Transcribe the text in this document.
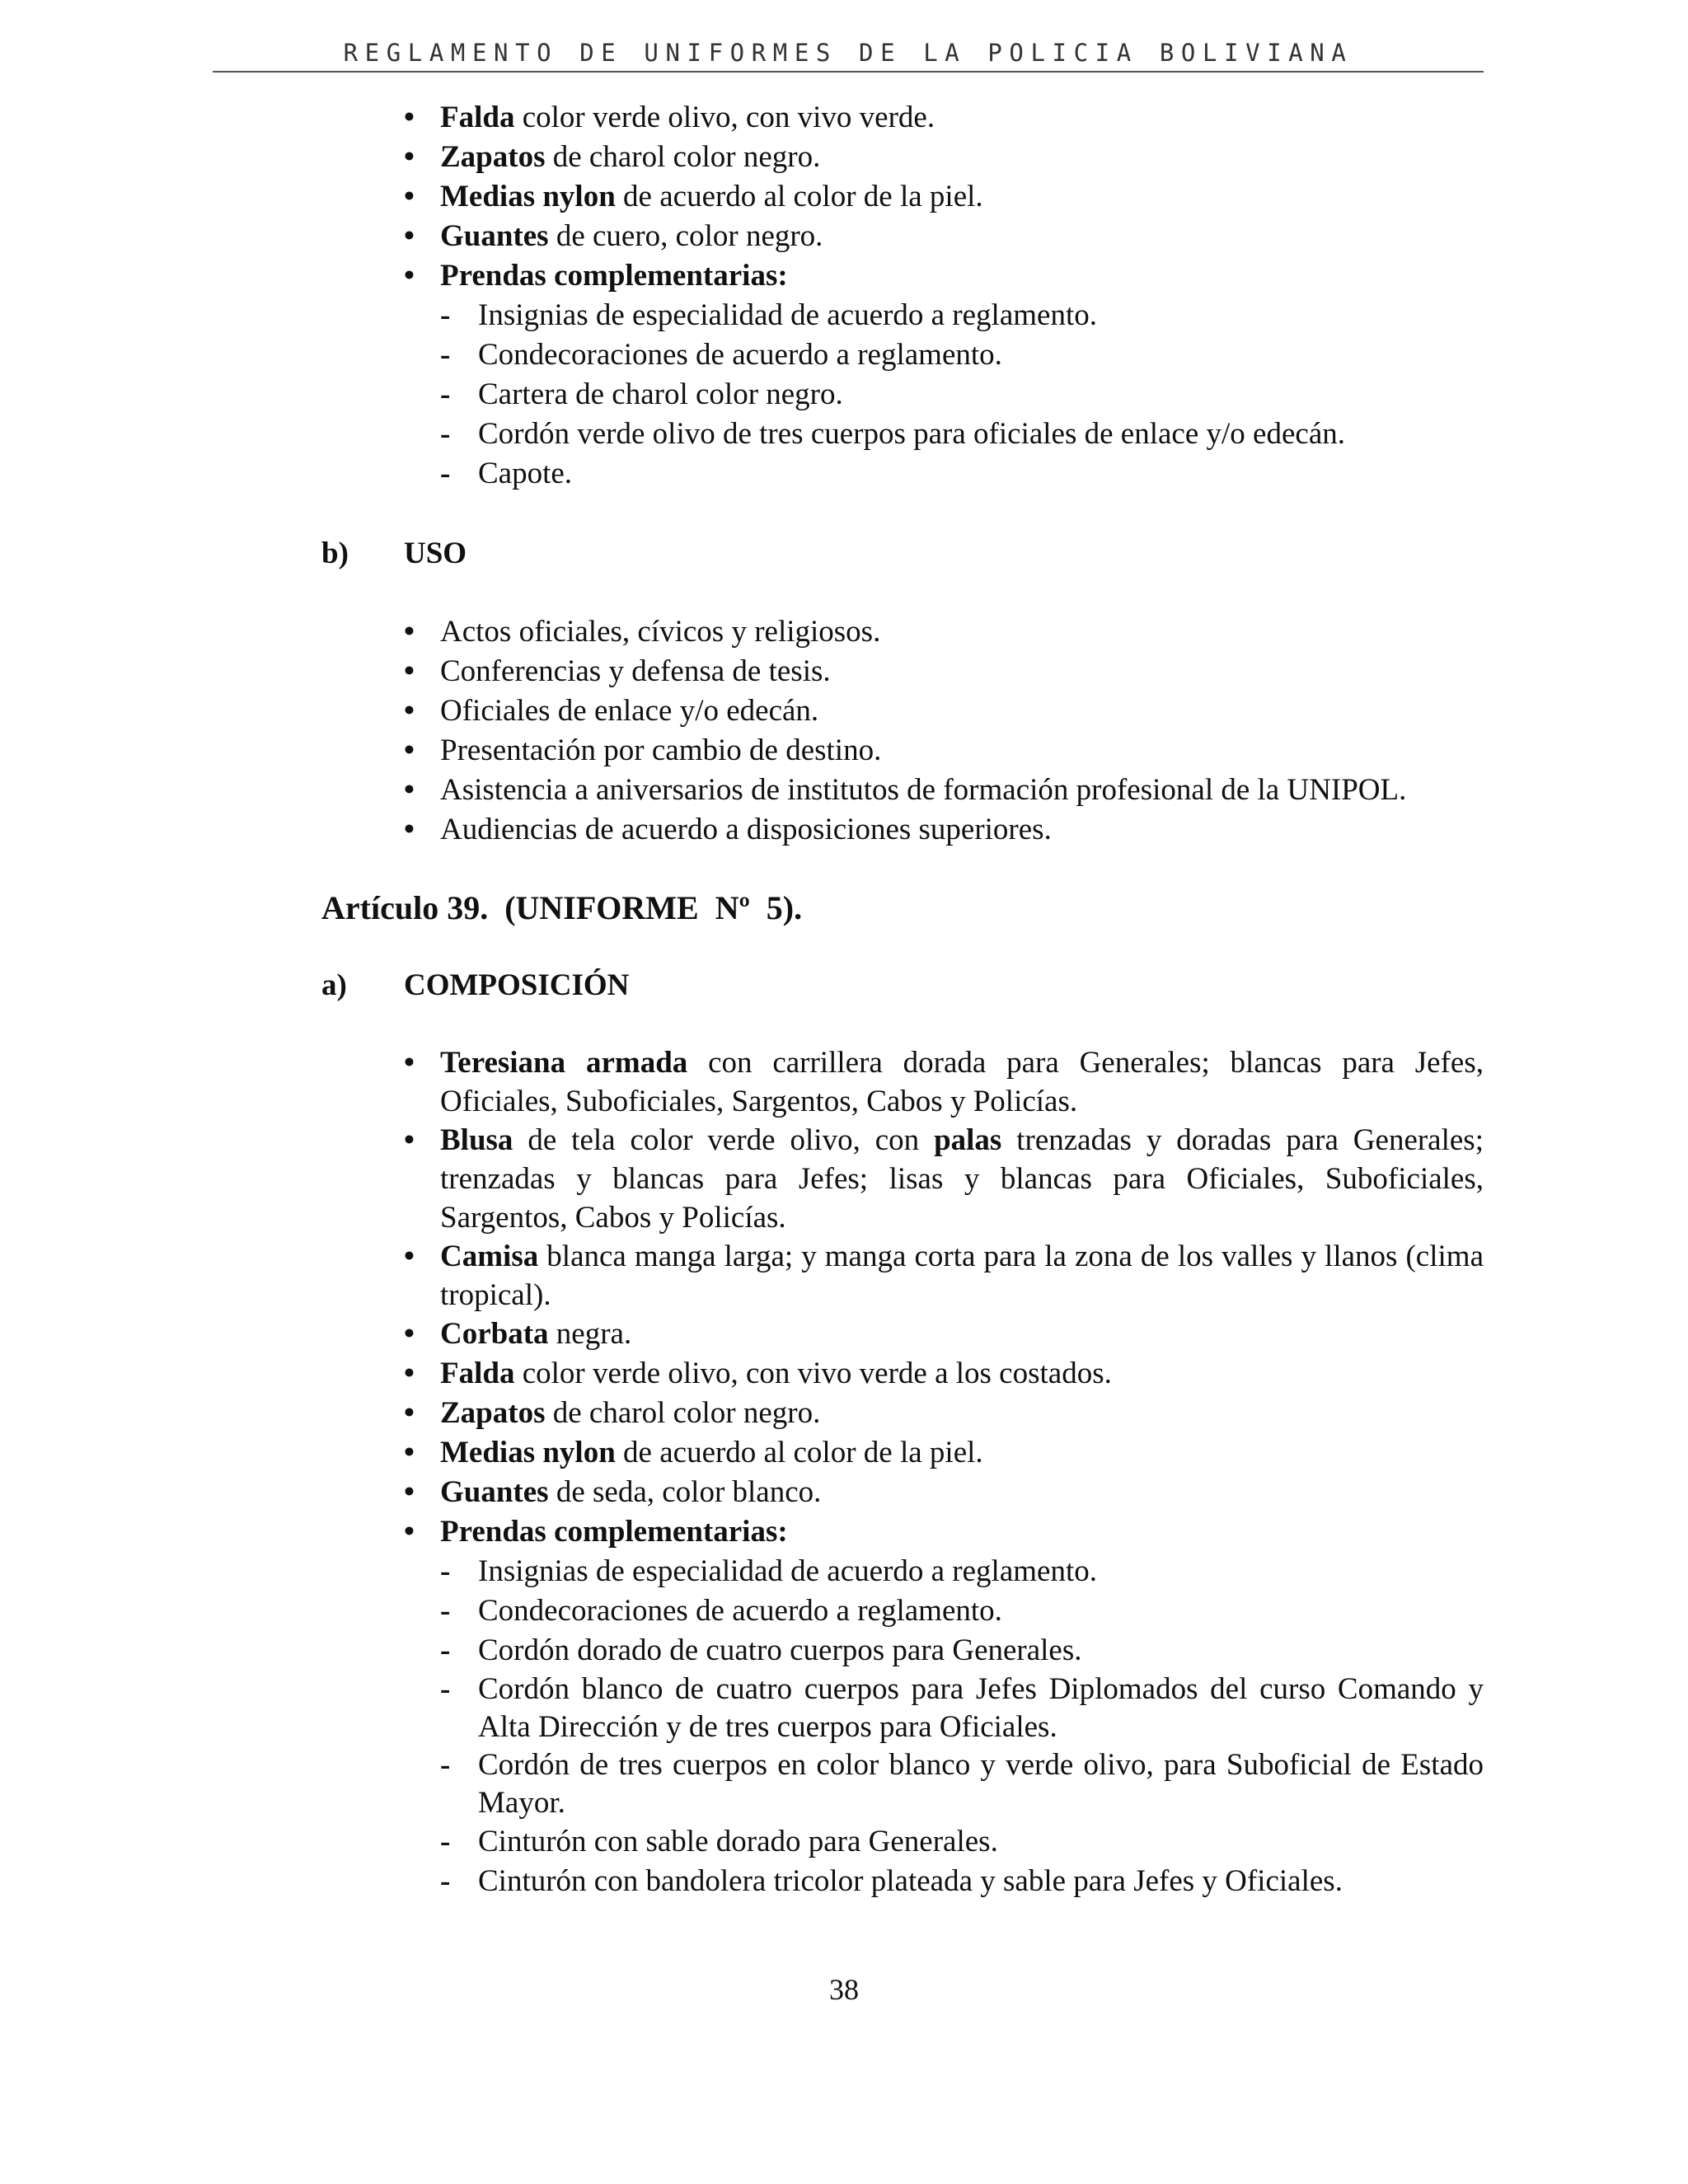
REGLAMENTO DE UNIFORMES DE LA POLICIA BOLIVIANA
• Falda color verde olivo, con vivo verde.
• Zapatos de charol color negro.
• Medias nylon de acuerdo al color de la piel.
• Guantes de cuero, color negro.
• Prendas complementarias:
- Insignias de especialidad de acuerdo a reglamento.
- Condecoraciones de acuerdo a reglamento.
- Cartera de charol color negro.
- Cordón verde olivo de tres cuerpos para oficiales de enlace y/o edecán.
- Capote.
b) USO
• Actos oficiales, cívicos y religiosos.
• Conferencias y defensa de tesis.
• Oficiales de enlace y/o edecán.
• Presentación por cambio de destino.
• Asistencia a aniversarios de institutos de formación profesional de la UNIPOL.
• Audiencias de acuerdo a disposiciones superiores.
Artículo 39.  (UNIFORME  Nº  5).
a) COMPOSICIÓN
• Teresiana armada con carrillera dorada para Generales; blancas para Jefes, Oficiales, Suboficiales, Sargentos, Cabos y Policías.
• Blusa de tela color verde olivo, con palas trenzadas y doradas para Generales; trenzadas y blancas para Jefes; lisas y blancas para Oficiales, Suboficiales, Sargentos, Cabos y Policías.
• Camisa blanca manga larga; y manga corta para la zona de los valles y llanos (clima tropical).
• Corbata negra.
• Falda color verde olivo, con vivo verde a los costados.
• Zapatos de charol color negro.
• Medias nylon de acuerdo al color de la piel.
• Guantes de seda, color blanco.
• Prendas complementarias:
- Insignias de especialidad de acuerdo a reglamento.
- Condecoraciones de acuerdo a reglamento.
- Cordón dorado de cuatro cuerpos para Generales.
- Cordón blanco de cuatro cuerpos para Jefes Diplomados del curso Comando y Alta Dirección y de tres cuerpos para Oficiales.
- Cordón de tres cuerpos en color blanco y verde olivo, para Suboficial de Estado Mayor.
- Cinturón con sable dorado para Generales.
- Cinturón con bandolera tricolor plateada y sable para Jefes y Oficiales.
38
